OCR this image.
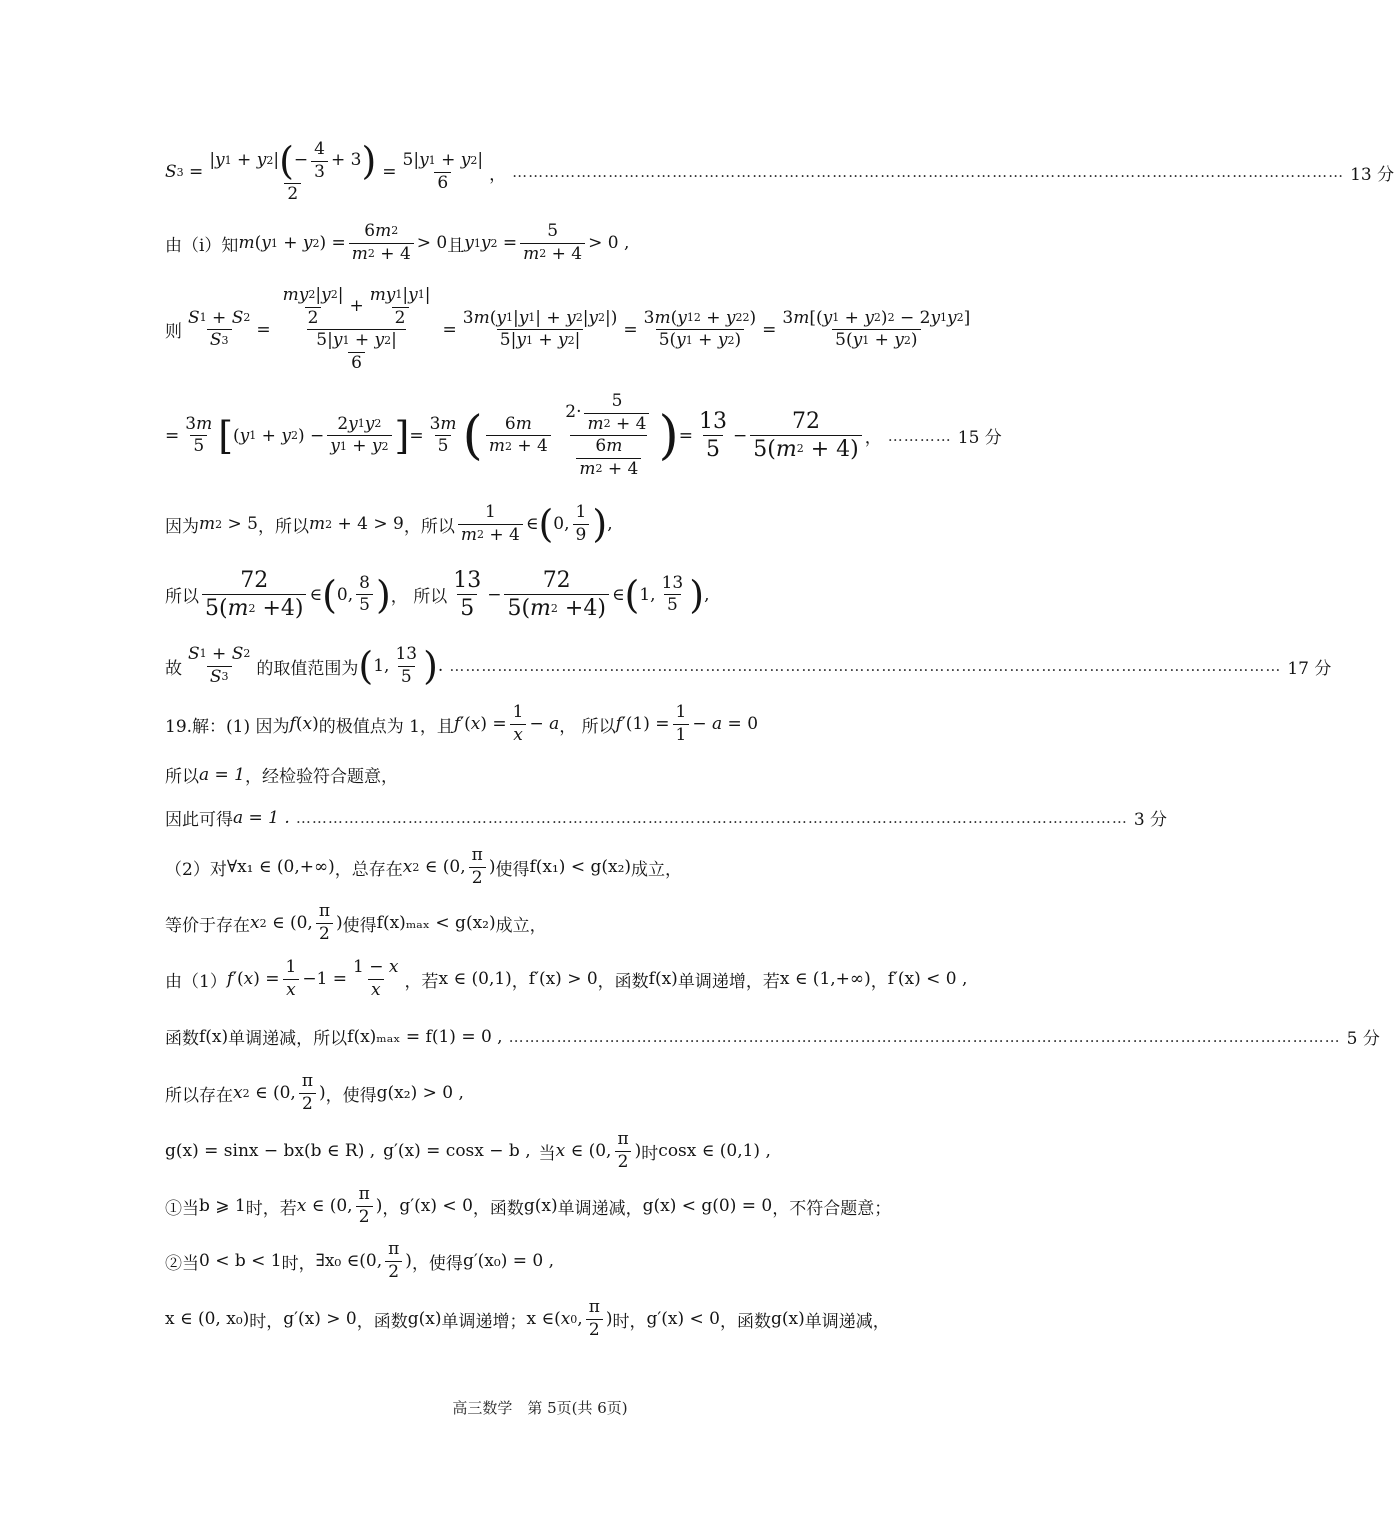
S $3 = \frac{| y 1 + y 2 | ( - \frac{4}{3} + 3 )}{2} = \frac{5| y 1 + y 2 |}{6}$ ， ………………………………………………………………………………………………………………………………………… 13 分
由（i）知 m ( y 1 + y 2 ) = $\frac{6 m 2}{m 2 + 4} > 0$ 且 y 1 y $2 = \frac{5}{m 2 + 4} > 0$ ,
则 $\frac{S 1 + S 2}{S 3} = \frac{\frac{my 2 | y 2 |}{2} + \frac{my 1 | y 1 |}{2}}{\frac{5| y 1 + y 2 |}{6}} = \frac{3 m ( y 1 | y 1 | + y 2 | y 2 |)}{5| y 1 + y 2 |} = \frac{3 m ( y 1 2 + y 2 2 )}{5( y 1 + y 2 )} = \frac{3 m [( y 1 + y 2 ) 2 - 2 y 1 y 2 ]}{5( y 1 + y 2 )}$
= $\frac{3 m}{5}$ [ ( y 1 + y 2 ) − $\frac{2 y 1 y 2}{y 1 + y 2}$ ] = $\frac{3 m}{5}$ ( $\frac{6 m}{m 2 + 4}$
$\frac{2\cdot \frac{5}{m 2 + 4}}{\frac{6 m}{m 2 + 4}}$ ) = $\frac{13}{5} - \frac{72}{5( m 2 + 4)}$ ， ………… 15 分
因为 m 2 > 5 ，所以 m 2 + 4 > 9 ，所以 $\frac{1}{m 2 + 4}$ ∈ ( 0, $\frac{1}{9}$ ) ,
所以 $\frac{72}{5( m 2 +4)}$ ∈ ( 0, $\frac{8}{5}$ ) ， 所以 $\frac{13}{5} - \frac{72}{5( m 2 +4)}$ ∈ ( 1, $\frac{13}{5}$ ) ,
故 $\frac{S 1 + S 2}{S 3}$ 的取值范围为 ( 1, $\frac{13}{5}$ ) . ………………………………………………………………………………………………………………………………………… 17 分
19.解：(1) 因为 f ( x ) 的极值点为 1，且 f ′( x ) = $\frac{1}{x} - a$ ， 所以 f $'(1) = \frac{1}{1} - a = 0$
所以 a = 1 ，经检验符合题意，
因此可得 a = 1 . ………………………………………………………………………………………………………………………………………… 3 分
（2）对 ∀x₁ ∈ (0,+∞) ，总存在 x 2 ∈ (0, $\frac{\pi}{2}$ ) 使得 f(x₁) < g(x₂) 成立，
等价于存在 x 2 ∈ (0, $\frac{\pi}{2}$ ) 使得 f(x)ₘₐₓ < g(x₂) 成立，
由（1） f ′( x ) = $\frac{1}{x} -1 = \frac{1 - x}{x}$ ，若 x ∈ (0,1) ， f′(x) > 0 ，函数 f(x) 单调递增，若 x ∈ (1,+∞) ， f′(x) < 0 ,
函数 f(x) 单调递减，所以 f(x)ₘₐₓ = f(1) = 0 , ………………………………………………………………………………………………………………………………………… 5 分
所以存在 x 2 ∈ (0, $\frac{\pi}{2}$ ) ，使得 g(x₂) > 0 ,
g(x) = sinx − bx(b ∈ R) , g′(x) = cosx − b , 当 x ∈ (0, $\frac{\pi}{2}$ ) 时 cosx ∈ (0,1) ,
①当 b ⩾ 1 时，若 x ∈ (0, $\frac{\pi}{2}$ ) ， g′(x) < 0 ，函数 g(x) 单调递减， g(x) < g(0) = 0 ，不符合题意；
②当 0 < b < 1 时， ∃x₀ ∈ (0, $\frac{\pi}{2}$ ) ，使得 g′(x₀) = 0 ,
x ∈ (0, x₀) 时， g′(x) > 0 ，函数 g(x) 单调递增； x ∈ ( x 0 , $\frac{\pi}{2}$ ) 时， g′(x) < 0 ，函数 g(x) 单调递减，
高三数学　第 5页(共 6页)
